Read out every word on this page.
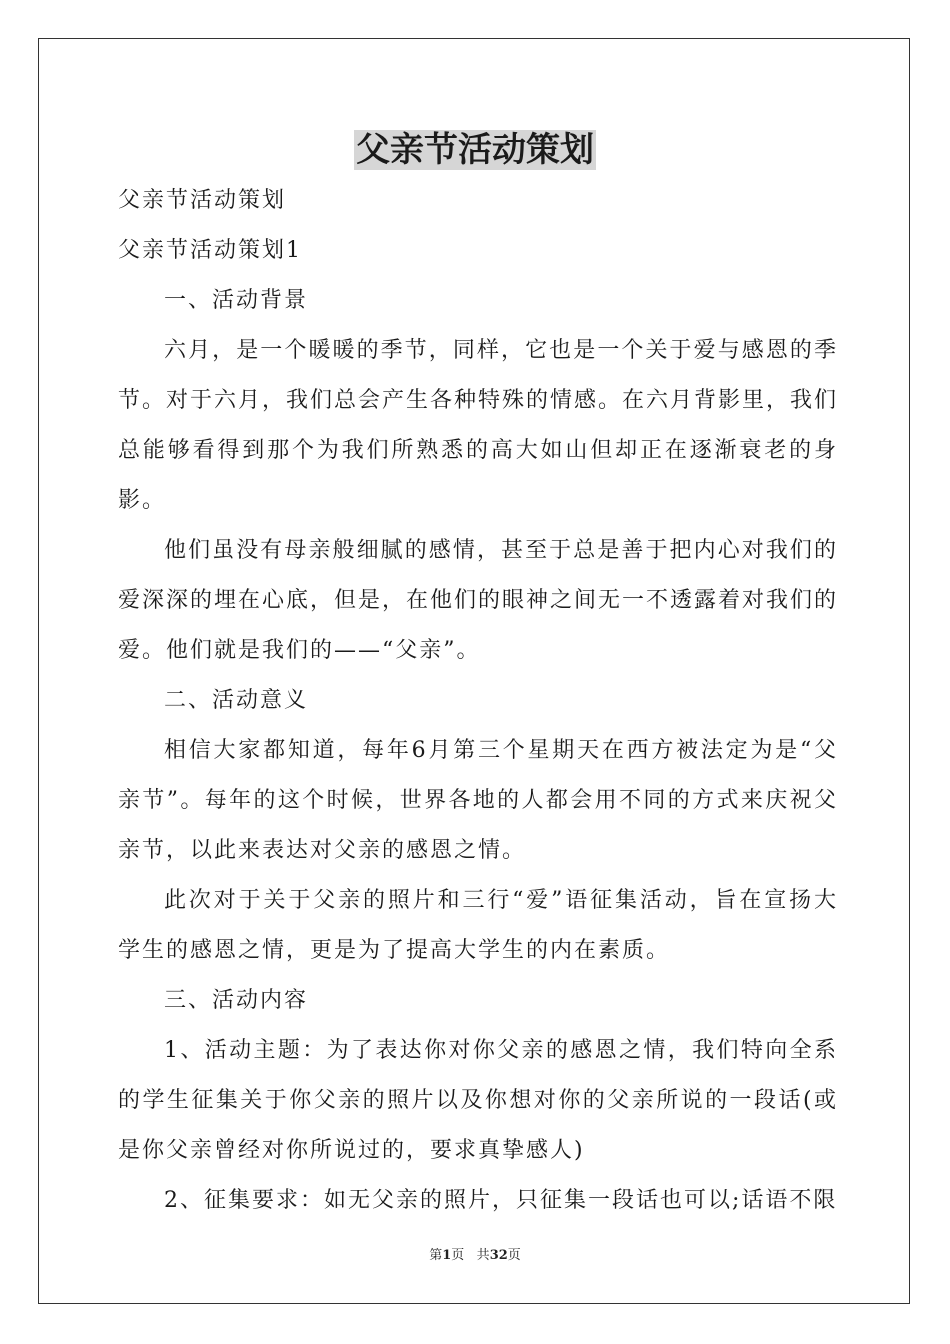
父亲节活动策划

父亲节活动策划

父亲节活动策划1

一、活动背景

六月，是一个暖暖的季节，同样，它也是一个关于爱与感恩的季节。对于六月，我们总会产生各种特殊的情感。在六月背影里，我们总能够看得到那个为我们所熟悉的高大如山但却正在逐渐衰老的身影。

他们虽没有母亲般细腻的感情，甚至于总是善于把内心对我们的爱深深的埋在心底，但是，在他们的眼神之间无一不透露着对我们的爱。他们就是我们的——“父亲”。

二、活动意义

相信大家都知道，每年6月第三个星期天在西方被法定为是“父亲节”。每年的这个时候，世界各地的人都会用不同的方式来庆祝父亲节，以此来表达对父亲的感恩之情。

此次对于关于父亲的照片和三行“爱”语征集活动，旨在宣扬大学生的感恩之情，更是为了提高大学生的内在素质。

三、活动内容

1、活动主题：为了表达你对你父亲的感恩之情，我们特向全系的学生征集关于你父亲的照片以及你想对你的父亲所说的一段话(或是你父亲曾经对你所说过的，要求真挚感人)

2、征集要求：如无父亲的照片，只征集一段话也可以;话语不限

第1页 共32页
